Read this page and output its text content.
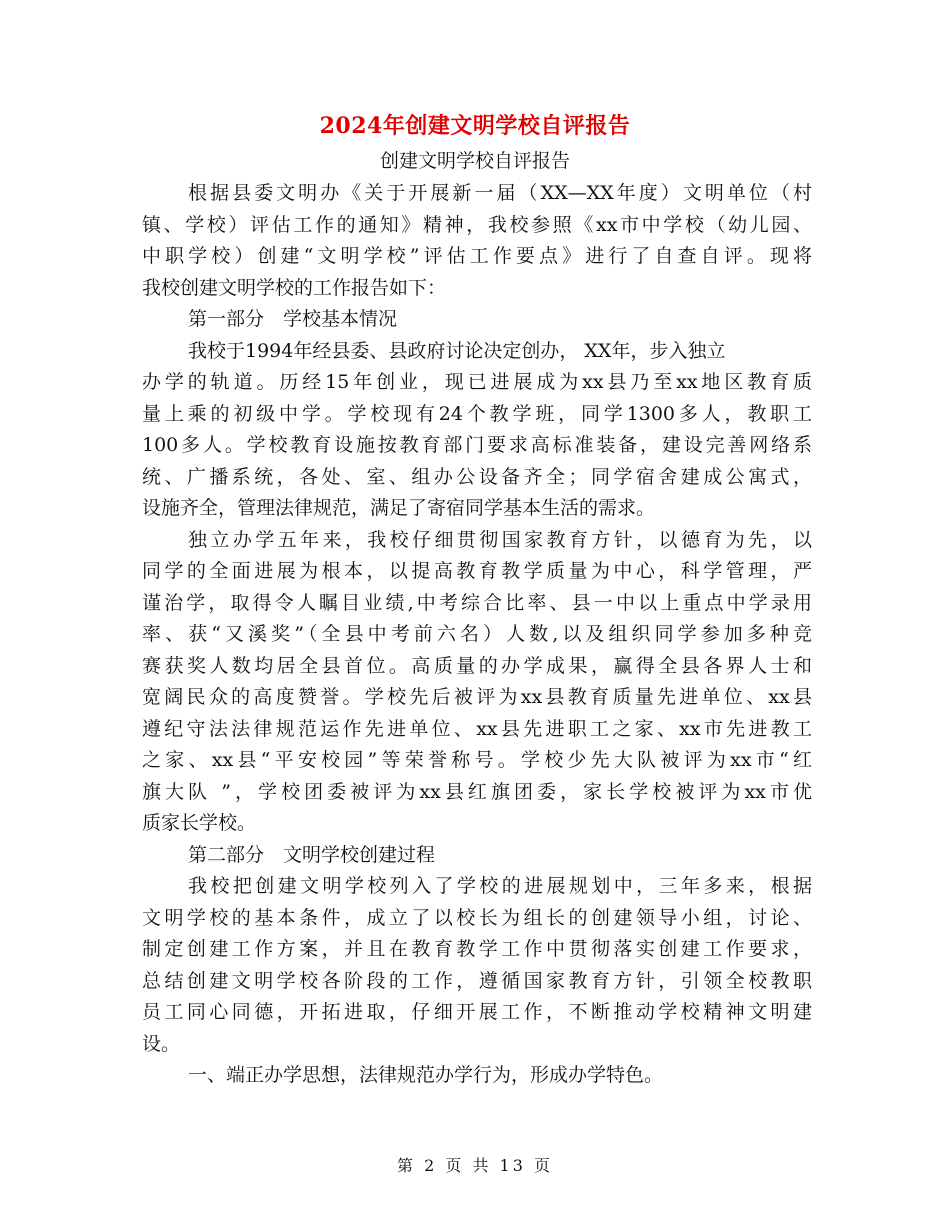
2024年创建文明学校自评报告
创建文明学校自评报告
根据县委文明办《关于开展新一届（XX—XX年度）文明单位（村
镇、学校）评估工作的通知》精神，我校参照《xx市中学校（幼儿园、
中职学校）创建“文明学校”评估工作要点》进行了自查自评。现将
我校创建文明学校的工作报告如下：
第一部分　学校基本情况
我校于1994年经县委、县政府讨论决定创办， XX年，步入独立
办学的轨道。历经15年创业，现已进展成为xx县乃至xx地区教育质
量上乘的初级中学。学校现有24个教学班，同学1300多人，教职工
100多人。学校教育设施按教育部门要求高标准装备，建设完善网络系
统、广播系统，各处、室、组办公设备齐全；同学宿舍建成公寓式，
设施齐全，管理法律规范，满足了寄宿同学基本生活的需求。
独立办学五年来，我校仔细贯彻国家教育方针，以德育为先，以
同学的全面进展为根本，以提高教育教学质量为中心，科学管理，严
谨治学，取得令人瞩目业绩,中考综合比率、县一中以上重点中学录用
率、获“又溪奖”（全县中考前六名）人数,以及组织同学参加多种竞
赛获奖人数均居全县首位。高质量的办学成果，赢得全县各界人士和
宽阔民众的高度赞誉。学校先后被评为xx县教育质量先进单位、xx县
遵纪守法法律规范运作先进单位、xx县先进职工之家、xx市先进教工
之家、xx县“平安校园”等荣誉称号。学校少先大队被评为xx市“红
旗大队 ”，学校团委被评为xx县红旗团委，家长学校被评为xx市优
质家长学校。
第二部分　文明学校创建过程
我校把创建文明学校列入了学校的进展规划中，三年多来，根据
文明学校的基本条件，成立了以校长为组长的创建领导小组，讨论、
制定创建工作方案，并且在教育教学工作中贯彻落实创建工作要求，
总结创建文明学校各阶段的工作，遵循国家教育方针，引领全校教职
员工同心同德，开拓进取，仔细开展工作，不断推动学校精神文明建
设。
一、端正办学思想，法律规范办学行为，形成办学特色。
第 2 页 共 13 页
